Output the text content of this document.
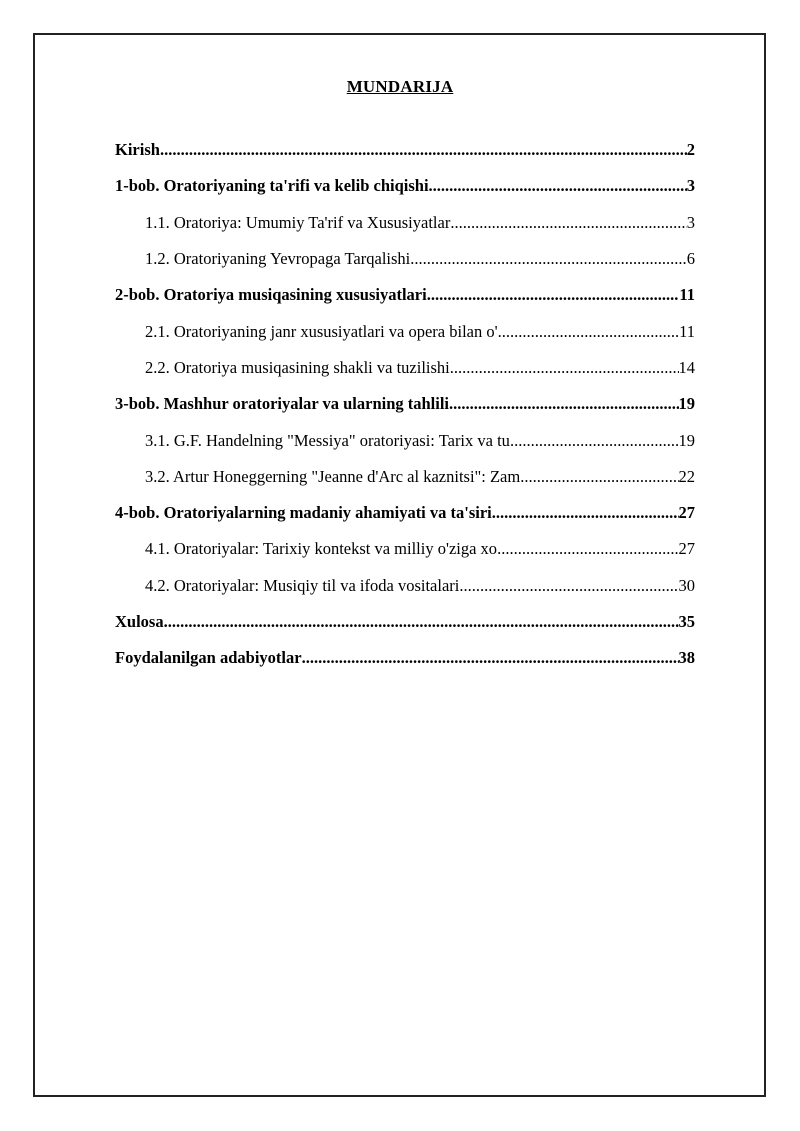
MUNDARIJA
Kirish .....	2
1-bob. Oratoriyaning ta'rifi va kelib chiqishi .....	3
1.1. Oratoriya: Umumiy Ta'rif va Xususiyatlar .....	3
1.2. Oratoriyaning Yevropaga Tarqalishi .....	6
2-bob. Oratoriya musiqasining xususiyatlari .....	11
2.1. Oratoriyaning janr xususiyatlari va opera bilan o' .....	11
2.2. Oratoriya musiqasining shakli va tuzilishi .....	14
3-bob. Mashhur oratoriyalar va ularning tahlili .....	19
3.1. G.F. Handelning "Messiya" oratoriyasi: Tarix va tu .....	19
3.2. Artur Honeggerning "Jeanne d'Arc al kaznitsi": Zam .....	22
4-bob. Oratoriyalarning madaniy ahamiyati va ta'siri .....	27
4.1. Oratoriyalar: Tarixiy kontekst va milliy o'ziga xo .....	27
4.2. Oratoriyalar: Musiqiy til va ifoda vositalari .....	30
Xulosa .....	35
Foydalanilgan adabiyotlar .....	38
